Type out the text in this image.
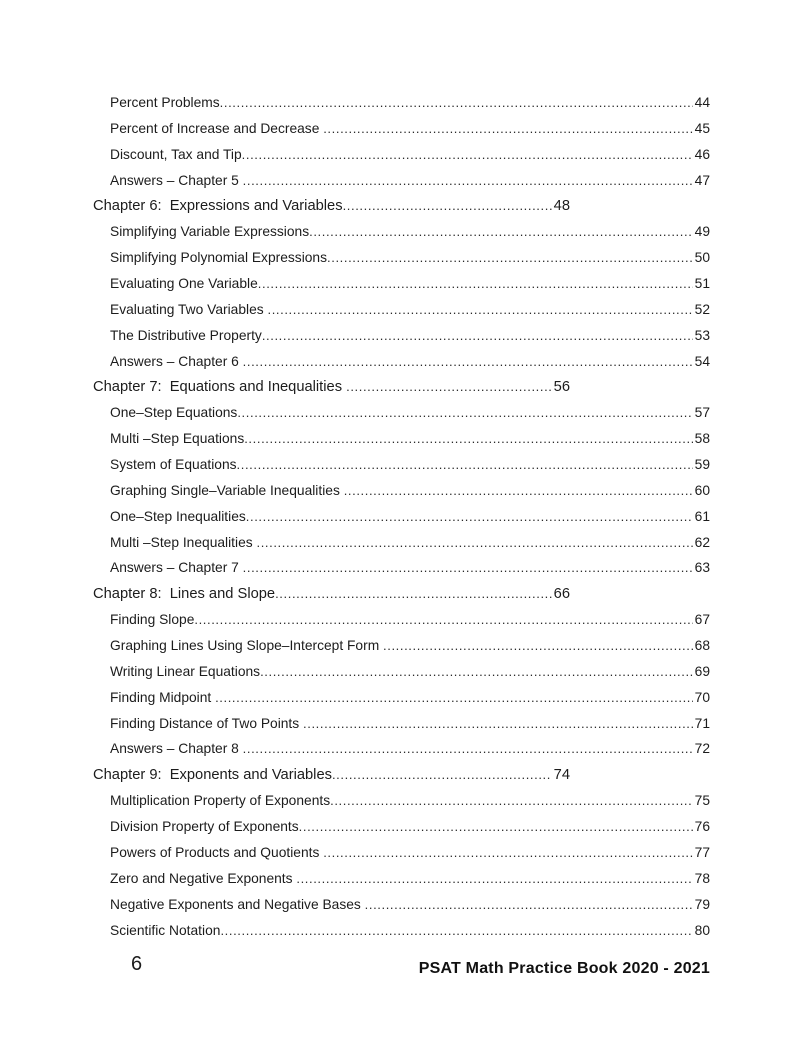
Percent Problems .....	44
Percent of Increase and Decrease .....	45
Discount, Tax and Tip .....	46
Answers – Chapter 5 .....	47
Chapter 6:  Expressions and Variables .....	48
Simplifying Variable Expressions .....	49
Simplifying Polynomial Expressions .....	50
Evaluating One Variable .....	51
Evaluating Two Variables .....	52
The Distributive Property .....	53
Answers – Chapter 6 .....	54
Chapter 7:  Equations and Inequalities .....	56
One–Step Equations .....	57
Multi –Step Equations .....	58
System of Equations .....	59
Graphing Single–Variable Inequalities .....	60
One–Step Inequalities .....	61
Multi –Step Inequalities .....	62
Answers – Chapter 7 .....	63
Chapter 8:  Lines and Slope .....	66
Finding Slope .....	67
Graphing Lines Using Slope–Intercept Form .....	68
Writing Linear Equations .....	69
Finding Midpoint .....	70
Finding Distance of Two Points .....	71
Answers – Chapter 8 .....	72
Chapter 9:  Exponents and Variables .....	74
Multiplication Property of Exponents .....	75
Division Property of Exponents .....	76
Powers of Products and Quotients .....	77
Zero and Negative Exponents .....	78
Negative Exponents and Negative Bases .....	79
Scientific Notation .....	80
6	PSAT Math Practice Book 2020 - 2021
